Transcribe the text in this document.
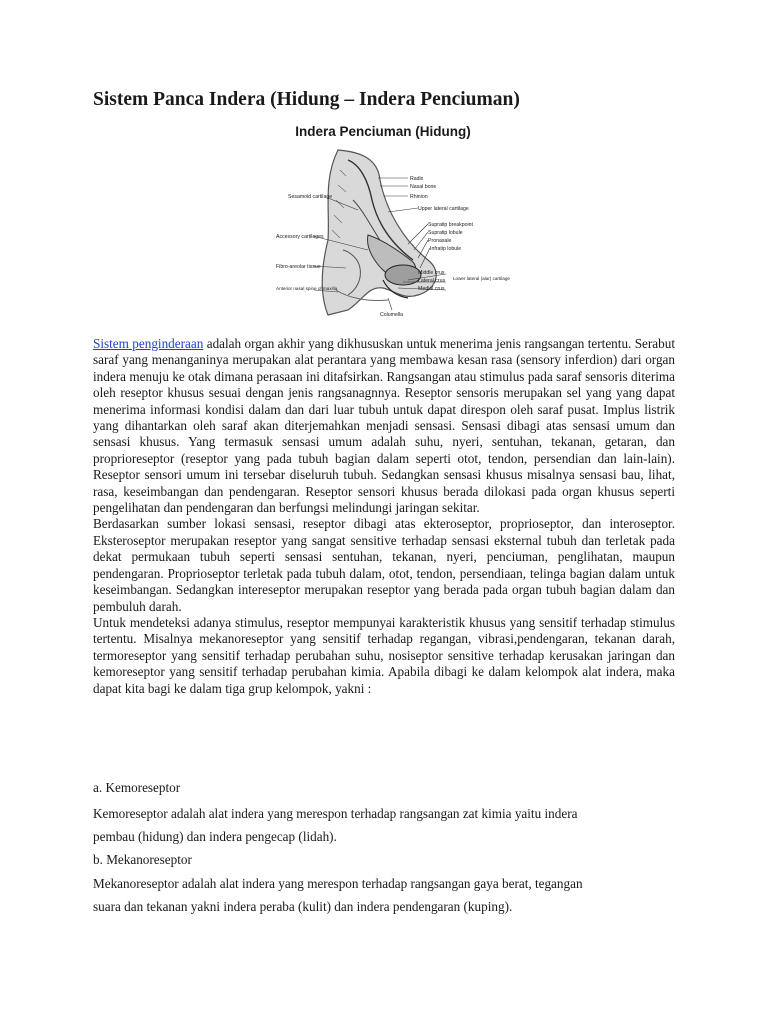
Sistem Panca Indera (Hidung – Indera Penciuman)
Indera Penciuman (Hidung)
Radix
Nasal bone
Rhinion
Sesamoid cartilage
Upper lateral cartilage
Supratip breakpoint
Supratip lobule
Pronasale
Infratip lobule
Accessory cartilages
Fibro-areolar tissue
Middle crus
Lateral crus
Medial crus
Lower lateral (alar) cartilage
Anterior nasal spine of maxilla
Columella

Sistem penginderaan adalah organ akhir yang dikhususkan untuk menerima jenis rangsangan tertentu. Serabut saraf yang menanganinya merupakan alat perantara yang membawa kesan rasa (sensory inferdion) dari organ indera menuju ke otak dimana perasaan ini ditafsirkan. Rangsangan atau stimulus pada saraf sensoris diterima oleh reseptor khusus sesuai dengan jenis rangsanagnnya. Reseptor sensoris merupakan sel yang yang dapat menerima informasi kondisi dalam dan dari luar tubuh untuk dapat direspon oleh saraf pusat. Implus listrik yang dihantarkan oleh saraf akan diterjemahkan menjadi sensasi. Sensasi dibagi atas sensasi umum dan sensasi khusus. Yang termasuk sensasi umum adalah suhu, nyeri, sentuhan, tekanan, getaran, dan proprioreseptor (reseptor yang pada tubuh bagian dalam seperti otot, tendon, persendian dan lain-lain). Reseptor sensori umum ini tersebar diseluruh tubuh. Sedangkan sensasi khusus misalnya sensasi bau, lihat, rasa, keseimbangan dan pendengaran. Reseptor sensori khusus berada dilokasi pada organ khusus seperti pengelihatan dan pendengaran dan berfungsi melindungi jaringan sekitar.

Berdasarkan sumber lokasi sensasi, reseptor dibagi atas ekteroseptor, proprioseptor, dan interoseptor. Eksteroseptor merupakan reseptor yang sangat sensitive terhadap sensasi eksternal tubuh dan terletak pada dekat permukaan tubuh seperti sensasi sentuhan, tekanan, nyeri, penciuman, penglihatan, maupun pendengaran. Proprioseptor terletak pada tubuh dalam, otot, tendon, persendiaan, telinga bagian dalam untuk keseimbangan. Sedangkan intereseptor merupakan reseptor yang berada pada organ tubuh bagian dalam dan pembuluh darah.

Untuk mendeteksi adanya stimulus, reseptor mempunyai karakteristik khusus yang sensitif terhadap stimulus tertentu. Misalnya mekanoreseptor yang sensitif terhadap regangan, vibrasi,pendengaran, tekanan darah, termoreseptor yang sensitif terhadap perubahan suhu, nosiseptor sensitive terhadap kerusakan jaringan dan kemoreseptor yang sensitif terhadap perubahan kimia. Apabila dibagi ke dalam kelompok alat indera, maka dapat kita bagi ke dalam tiga grup kelompok, yakni :

a. Kemoreseptor

Kemoreseptor adalah alat indera yang merespon terhadap rangsangan zat kimia yaitu indera

pembau (hidung) dan indera pengecap (lidah).

b. Mekanoreseptor

Mekanoreseptor adalah alat indera yang merespon terhadap rangsangan gaya berat, tegangan

suara dan tekanan yakni indera peraba (kulit) dan indera pendengaran (kuping).
